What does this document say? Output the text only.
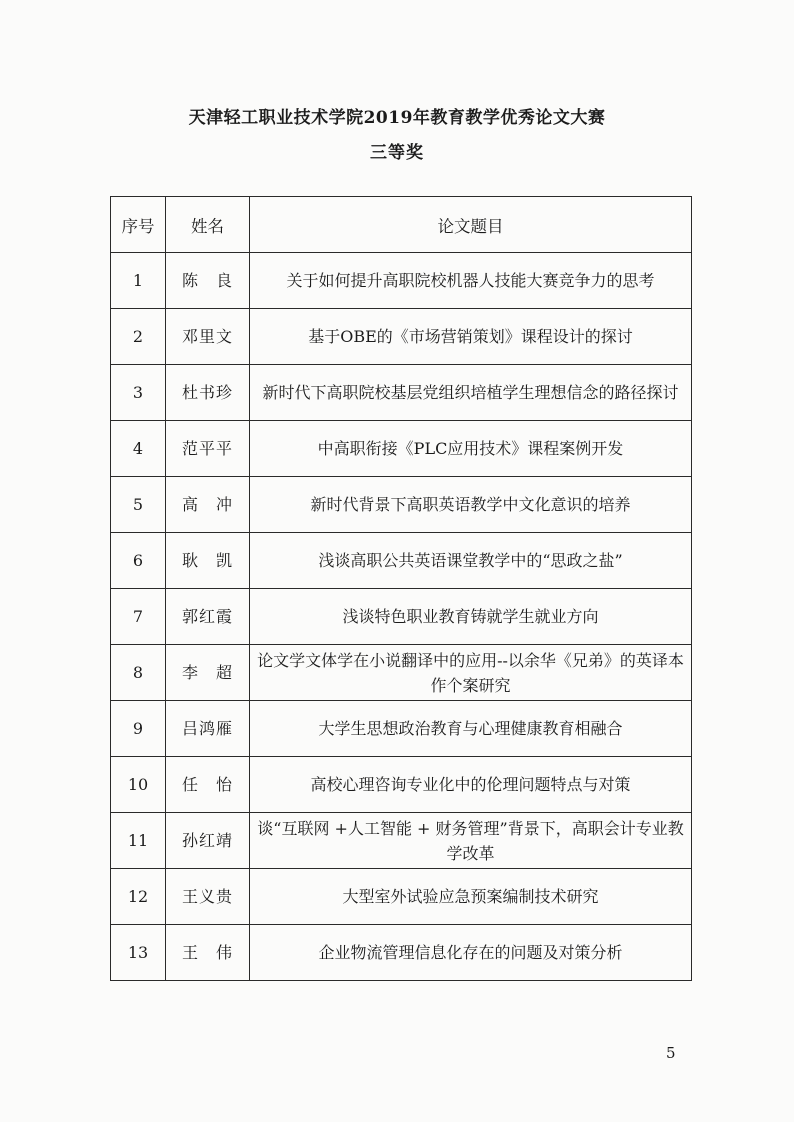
天津轻工职业技术学院2019年教育教学优秀论文大赛
三等奖
序号	姓名	论文题目
1	陈　良	关于如何提升高职院校机器人技能大赛竞争力的思考
2	邓里文	基于OBE的《市场营销策划》课程设计的探讨
3	杜书珍	新时代下高职院校基层党组织培植学生理想信念的路径探讨
4	范平平	中高职衔接《PLC应用技术》课程案例开发
5	高　冲	新时代背景下高职英语教学中文化意识的培养
6	耿　凯	浅谈高职公共英语课堂教学中的“思政之盐”
7	郭红霞	浅谈特色职业教育铸就学生就业方向
8	李　超	论文学文体学在小说翻译中的应用--以余华《兄弟》的英译本作个案研究
9	吕鸿雁	大学生思想政治教育与心理健康教育相融合
10	任　怡	高校心理咨询专业化中的伦理问题特点与对策
11	孙红靖	谈“互联网 +人工智能 + 财务管理”背景下，高职会计专业教学改革
12	王义贵	大型室外试验应急预案编制技术研究
13	王　伟	企业物流管理信息化存在的问题及对策分析
5
